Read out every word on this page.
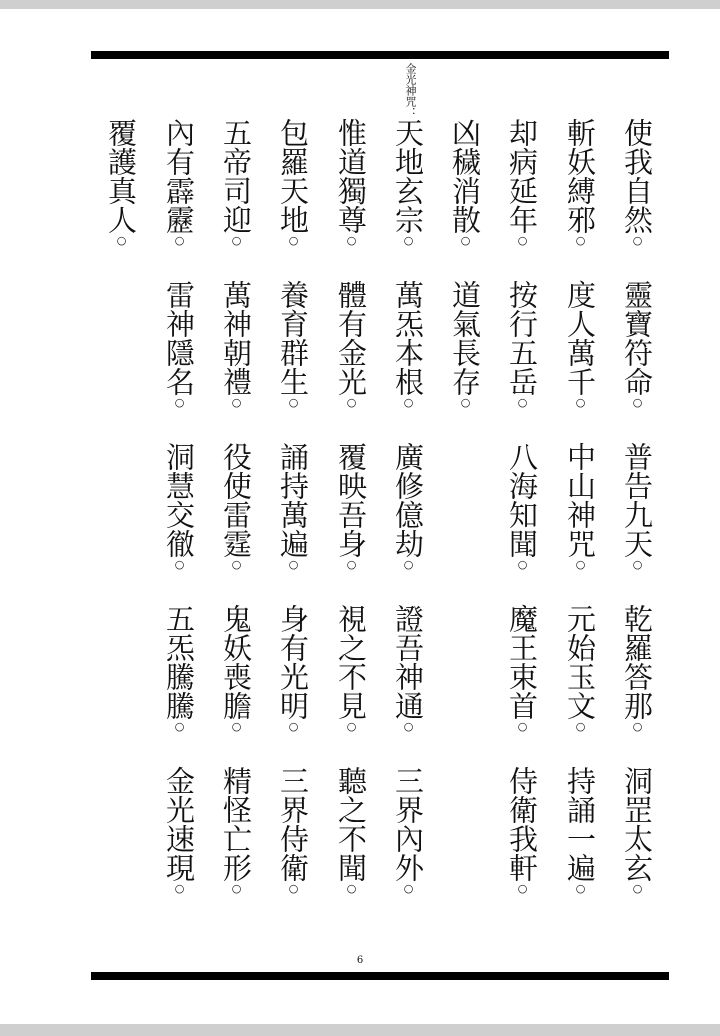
金光神咒：
使我自然○靈寶符命○普告九天○乾羅答那○洞罡太玄○
斬妖縛邪○度人萬千○中山神咒○元始玉文○持誦一遍○
却病延年○按行五岳○八海知聞○魔王束首○侍衛我軒○
凶穢消散○道氣長存○
天地玄宗○萬炁本根○廣修億劫○證吾神通○三界內外○
惟道獨尊○體有金光○覆映吾身○視之不見○聽之不聞○
包羅天地○養育群生○誦持萬遍○身有光明○三界侍衛○
五帝司迎○萬神朝禮○役使雷霆○鬼妖喪膽○精怪亡形○
內有霹靂○雷神隱名○洞慧交徹○五炁騰騰○金光速現○
覆護真人○
6
